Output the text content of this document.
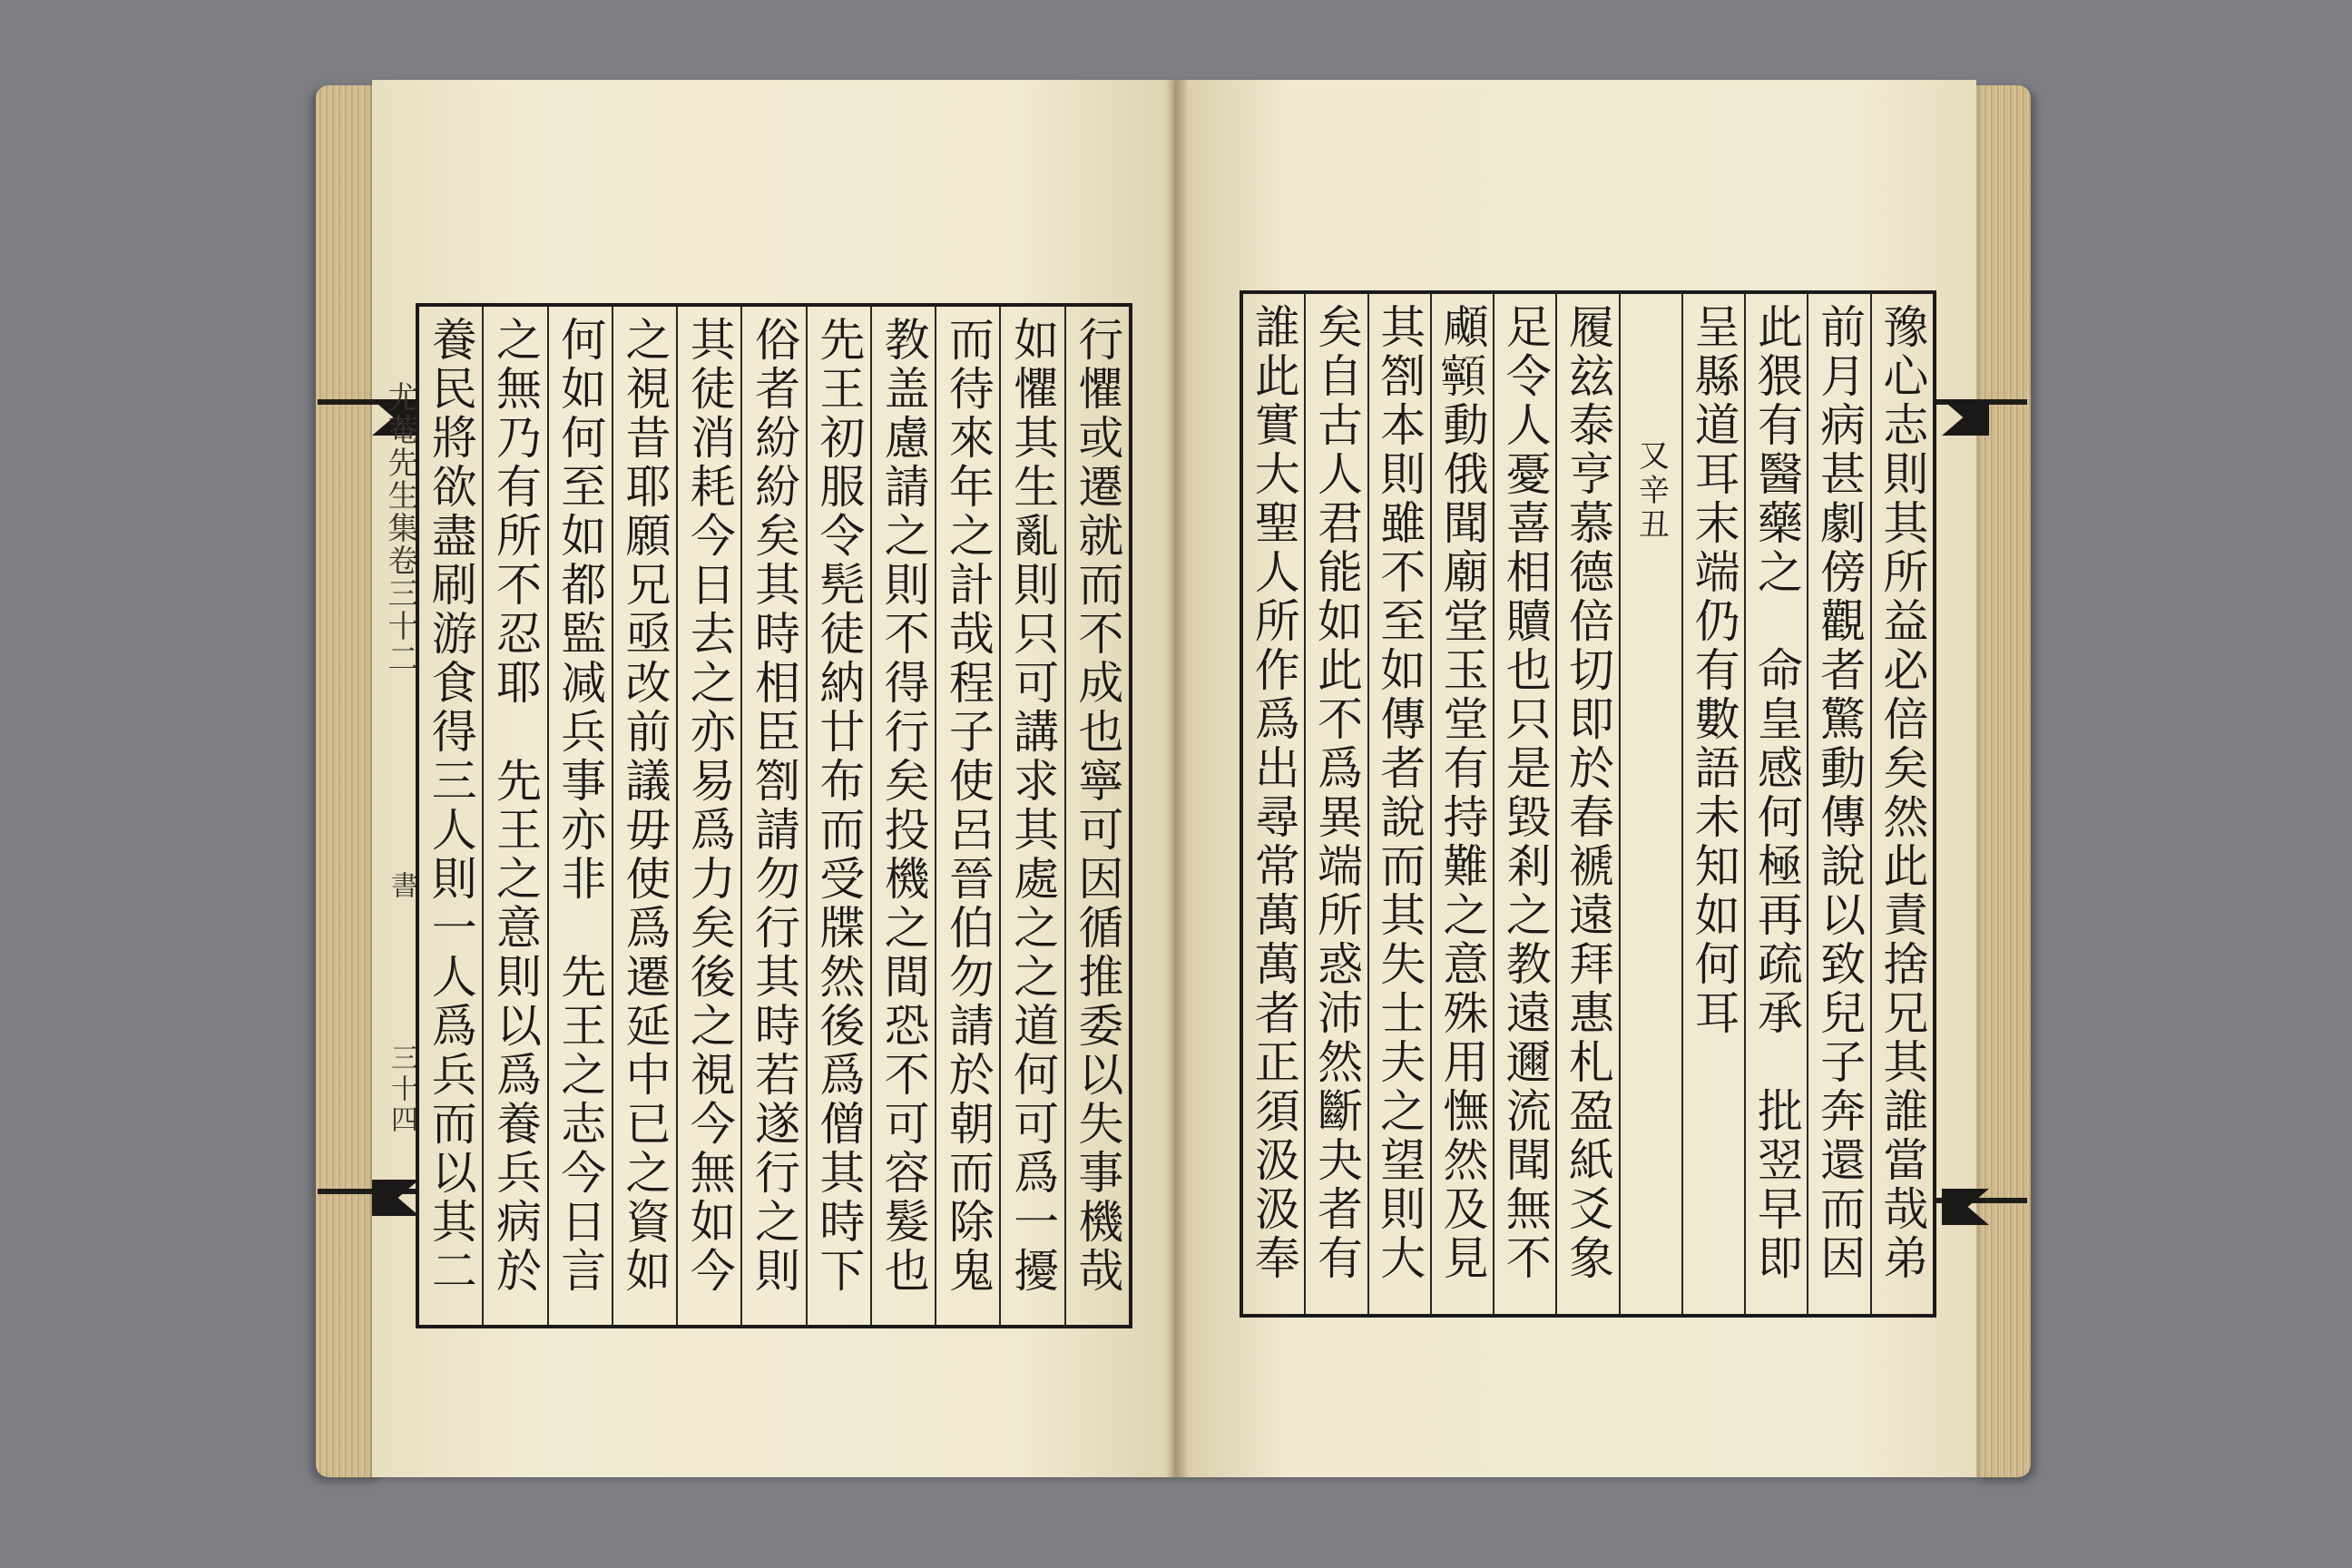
尤菴先生集卷三十二
書
三十四	行懼或遷就而不成也寧可因循推委以失事機哉
如懼其生亂則只可講求其處之之道何可爲一擾
而待來年之計哉程子使呂晉伯勿請於朝而除鬼
教盖慮請之則不得行矣投機之間恐不可容髮也
先王初服令髡徒納廿布而受牒然後爲僧其時下
俗者紛紛矣其時相臣劄請勿行其時若遂行之則
其徒消耗今日去之亦易爲力矣後之視今無如今
之視昔耶願兄亟改前議毋使爲遷延中已之資如
何如何至如都監减兵事亦非　先王之志今日言
之無乃有所不忍耶　先王之意則以爲養兵病於
養民將欲盡刷游食得三人則一人爲兵而以其二	豫心志則其所益必倍矣然此責捨兄其誰當哉弟
前月病甚劇傍觀者驚動傳說以致兒子奔還而因
此猥有醫藥之　命皇感何極再疏承　批翌早即
呈縣道耳末端仍有數語未知如何耳
又辛丑
履玆泰亨慕德倍切即於春褫遠拜惠札盈紙爻象
足令人憂喜相贖也只是毀剎之教遠邇流聞無不
顑𩕳動俄聞廟堂玉堂有持難之意殊用憮然及見
其劄本則雖不至如傳者說而其失士夫之望則大
矣自古人君能如此不爲異端所惑沛然斷夬者有
誰此實大聖人所作爲出尋常萬萬者正須汲汲奉
